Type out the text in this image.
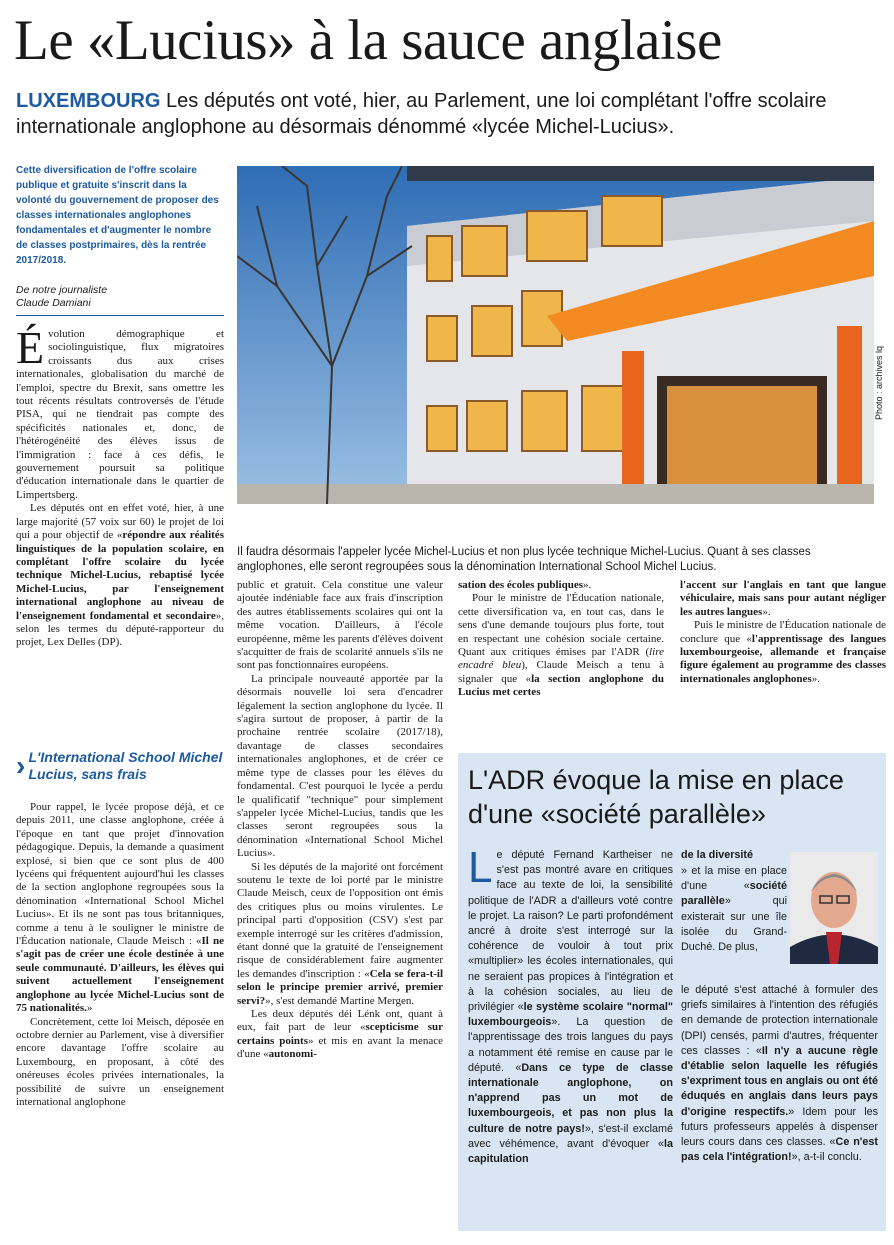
Le «Lucius» à la sauce anglaise
LUXEMBOURG Les députés ont voté, hier, au Parlement, une loi complétant l'offre scolaire internationale anglophone au désormais dénommé «lycée Michel-Lucius».
Cette diversification de l'offre scolaire publique et gratuite s'inscrit dans la volonté du gouvernement de proposer des classes internationales anglophones fondamentales et d'augmenter le nombre de classes postprimaires, dès la rentrée 2017/2018.
De notre journaliste
Claude Damiani
Photo : archives lq
Il faudra désormais l'appeler lycée Michel-Lucius et non plus lycée technique Michel-Lucius. Quant à ses classes anglophones, elle seront regroupées sous la dénomination International School Michel Lucius.

Évolution démographique et sociolinguistique, flux migratoires croissants dus aux crises internationales, globalisation du marché de l'emploi, spectre du Brexit, sans omettre les tout récents résultats controversés de l'étude PISA, qui ne tiendrait pas compte des spécificités nationales et, donc, de l'hétérogénéité des élèves issus de l'immigration : face à ces défis, le gouvernement poursuit sa politique d'éducation internationale dans le quartier de Limpertsberg.

Les députés ont en effet voté, hier, à une large majorité (57 voix sur 60) le projet de loi qui a pour objectif de «répondre aux réalités linguistiques de la population scolaire, en complétant l'offre scolaire du lycée technique Michel-Lucius, rebaptisé lycée Michel-Lucius, par l'enseignement international anglophone au niveau de l'enseignement fondamental et secondaire», selon les termes du député-rapporteur du projet, Lex Delles (DP).

› L'International School Michel Lucius, sans frais

Pour rappel, le lycée propose déjà, et ce depuis 2011, une classe anglophone, créée à l'époque en tant que projet d'innovation pédagogique. Depuis, la demande a quasiment explosé, si bien que ce sont plus de 400 lycéens qui fréquentent aujourd'hui les classes de la section anglophone regroupées sous la dénomination «International School Michel Lucius». Et ils ne sont pas tous britanniques, comme a tenu à le souligner le ministre de l'Éducation nationale, Claude Meisch : «Il ne s'agit pas de créer une école destinée à une seule communauté. D'ailleurs, les élèves qui suivent actuellement l'enseignement anglophone au lycée Michel-Lucius sont de 75 nationalités.»

Concrètement, cette loi Meisch, déposée en octobre dernier au Parlement, vise à diversifier encore davantage l'offre scolaire au Luxembourg, en proposant, à côté des onéreuses écoles privées internationales, la possibilité de suivre un enseignement international anglophone

public et gratuit. Cela constitue une valeur ajoutée indéniable face aux frais d'inscription des autres établissements scolaires qui ont la même vocation. D'ailleurs, à l'école européenne, même les parents d'élèves doivent s'acquitter de frais de scolarité annuels s'ils ne sont pas fonctionnaires européens.

La principale nouveauté apportée par la désormais nouvelle loi sera d'encadrer légalement la section anglophone du lycée. Il s'agira surtout de proposer, à partir de la prochaine rentrée scolaire (2017/18), davantage de classes secondaires internationales anglophones, et de créer ce même type de classes pour les élèves du fondamental. C'est pourquoi le lycée a perdu le qualificatif "technique" pour simplement s'appeler lycée Michel-Lucius, tandis que les classes seront regroupées sous la dénomination «International School Michel Lucius».

Si les députés de la majorité ont forcément soutenu le texte de loi porté par le ministre Claude Meisch, ceux de l'opposition ont émis des critiques plus ou moins virulentes. Le principal parti d'opposition (CSV) s'est par exemple interrogé sur les critères d'admission, étant donné que la gratuité de l'enseignement risque de considérablement faire augmenter les demandes d'inscription : «Cela se fera-t-il selon le principe premier arrivé, premier servi?», s'est demandé Martine Mergen.

Les deux députés déi Lénk ont, quant à eux, fait part de leur «scepticisme sur certains points» et mis en avant la menace d'une «autonomi-

sation des écoles publiques».

Pour le ministre de l'Éducation nationale, cette diversification va, en tout cas, dans le sens d'une demande toujours plus forte, tout en respectant une cohésion sociale certaine. Quant aux critiques émises par l'ADR (lire encadré bleu), Claude Meisch a tenu à signaler que «la section anglophone du Lucius met certes

l'accent sur l'anglais en tant que langue véhiculaire, mais sans pour autant négliger les autres langues».

Puis le ministre de l'Éducation nationale de conclure que «l'apprentissage des langues luxembourgeoise, allemande et française figure également au programme des classes internationales anglophones».

L'ADR évoque la mise en place d'une «société parallèle»

Le député Fernand Kartheiser ne s'est pas montré avare en critiques face au texte de loi, la sensibilité politique de l'ADR a d'ailleurs voté contre le projet. La raison? Le parti profondément ancré à droite s'est interrogé sur la cohérence de vouloir à tout prix «multiplier» les écoles internationales, qui ne seraient pas propices à l'intégration et à la cohésion sociales, au lieu de privilégier «le système scolaire "normal" luxembourgeois». La question de l'apprentissage des trois langues du pays a notamment été remise en cause par le député. «Dans ce type de classe internationale anglophone, on n'apprend pas un mot de luxembourgeois, et pas non plus la culture de notre pays!», s'est-il exclamé avec véhémence, avant d'évoquer «la capitulation

de la diversité

» et la mise en place d'une «société parallèle» qui existerait sur une île isolée du Grand-Duché. De plus,

le député s'est attaché à formuler des griefs similaires à l'intention des réfugiés en demande de protection internationale (DPI) censés, parmi d'autres, fréquenter ces classes : «Il n'y a aucune règle d'établie selon laquelle les réfugiés s'expriment tous en anglais ou ont été éduqués en anglais dans leurs pays d'origine respectifs.» Idem pour les futurs professeurs appelés à dispenser leurs cours dans ces classes. «Ce n'est pas cela l'intégration!», a-t-il conclu.
